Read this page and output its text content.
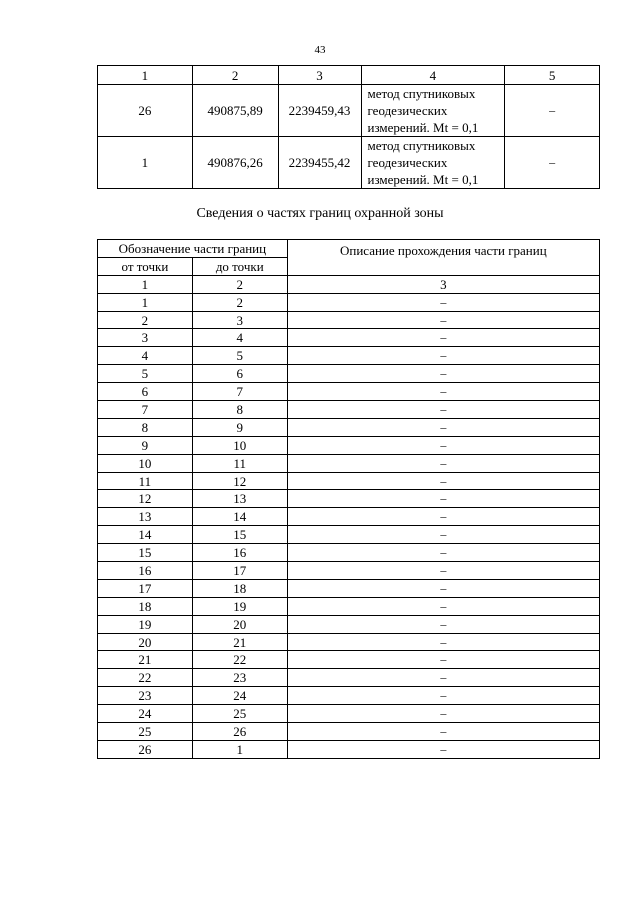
43
1	2	3	4	5
26	490875,89	2239459,43	метод спутниковых
геодезических
измерений. Mt = 0,1	–
1	490876,26	2239455,42	метод спутниковых
геодезических
измерений. Mt = 0,1	–
Сведения о частях границ охранной зоны
Обозначение части границ		Описание прохождения части границ
от точки	до точки	
1	2	3
1	2	–
2	3	–
3	4	–
4	5	–
5	6	–
6	7	–
7	8	–
8	9	–
9	10	–
10	11	–
11	12	–
12	13	–
13	14	–
14	15	–
15	16	–
16	17	–
17	18	–
18	19	–
19	20	–
20	21	–
21	22	–
22	23	–
23	24	–
24	25	–
25	26	–
26	1	–
